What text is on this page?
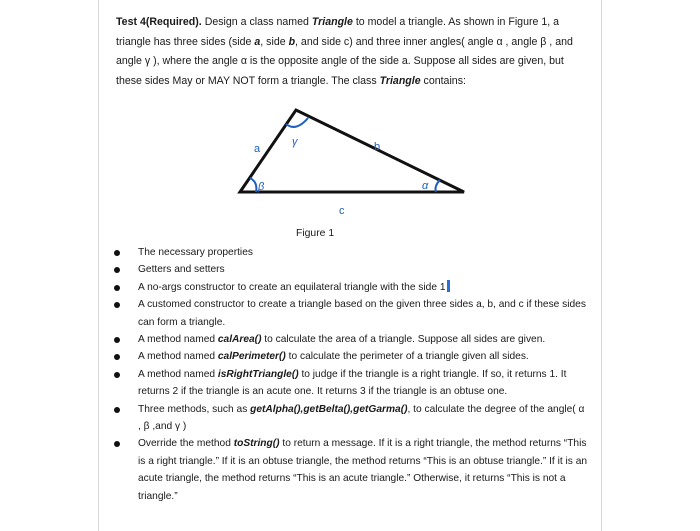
Test 4(Required). Design a class named Triangle to model a triangle. As shown in Figure 1, a triangle has three sides (side a, side b, and side c) and three inner angles( angle α , angle β , and angle γ ), where the angle α is the opposite angle of the side a. Suppose all sides are given, but these sides May or MAY NOT form a triangle. The class Triangle contains:
a	b
c
β
γ
α
Figure 1
The necessary properties
Getters and setters
A no-args constructor to create an equilateral triangle with the side 1
A customed constructor to create a triangle based on the given three sides a, b, and c if these sides can form a triangle.
A method named calArea() to calculate the area of a triangle. Suppose all sides are given.
A method named calPerimeter() to calculate the perimeter of a triangle given all sides.
A method named isRightTriangle() to judge if the triangle is a right triangle. If so, it returns 1. It returns 2 if the triangle is an acute one. It returns 3 if the triangle is an obtuse one.
Three methods, such as getAlpha(),getBelta(),getGarma(), to calculate the degree of the angle( α , β ,and γ )
Override the method toString() to return a message. If it is a right triangle, the method returns “This is a right triangle.” If it is an obtuse triangle, the method returns “This is an obtuse triangle.” If it is an acute triangle, the method returns “This is an acute triangle.” Otherwise, it returns “This is not a triangle.”
